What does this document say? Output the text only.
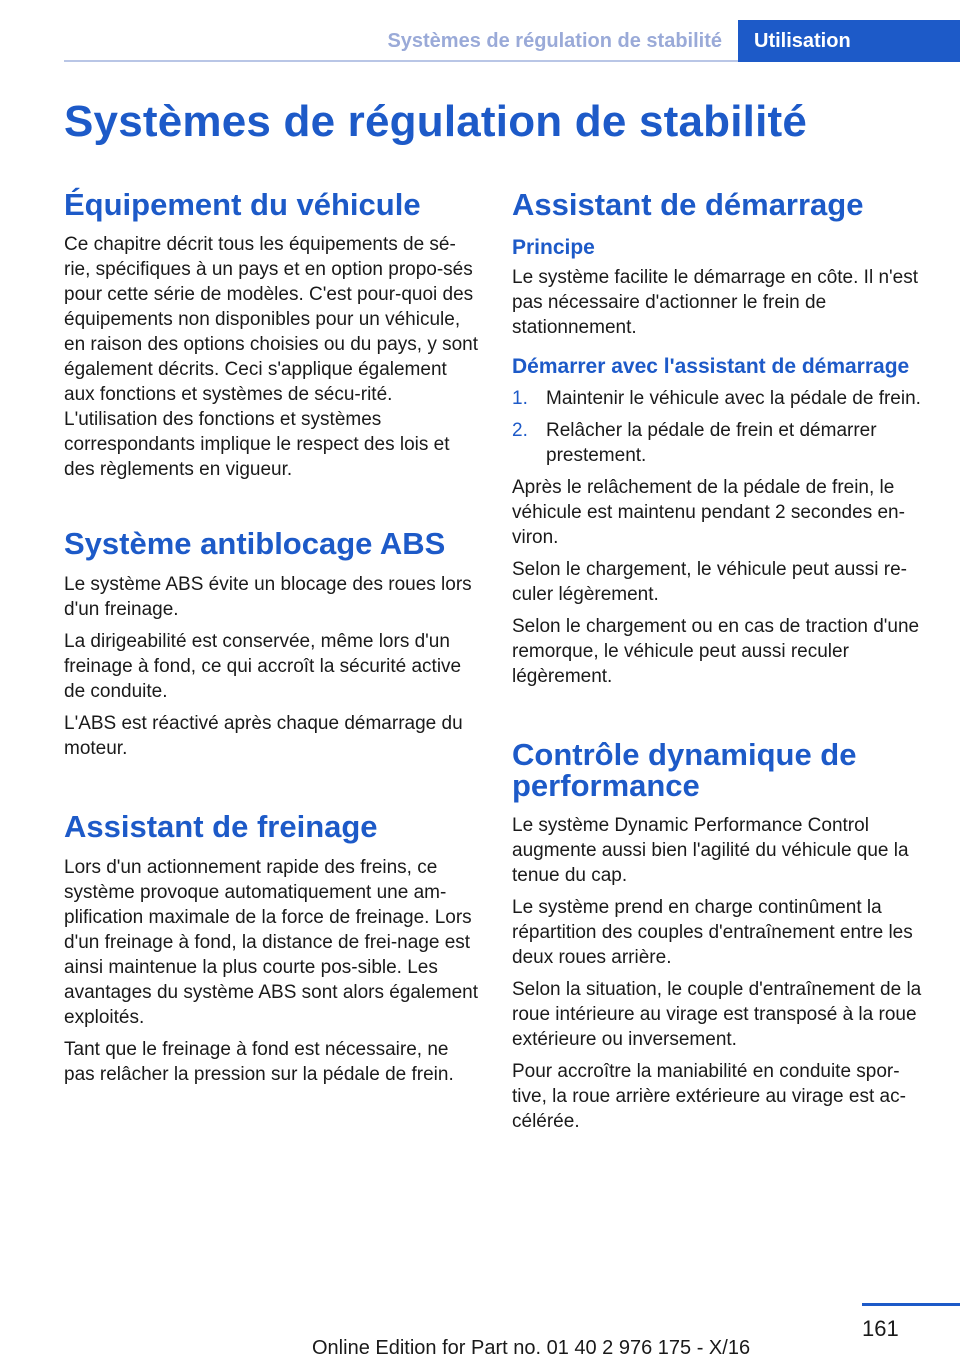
Systèmes de régulation de stabilité Utilisation
Systèmes de régulation de stabilité
Équipement du véhicule

Ce chapitre décrit tous les équipements de sé-rie, spécifiques à un pays et en option propo-sés pour cette série de modèles. C'est pour-quoi des équipements non disponibles pour un véhicule, en raison des options choisies ou du pays, y sont également décrits. Ceci s'applique également aux fonctions et systèmes de sécu-rité. L'utilisation des fonctions et systèmes correspondants implique le respect des lois et des règlements en vigueur.

Système antiblocage ABS

Le système ABS évite un blocage des roues lors d'un freinage.

La dirigeabilité est conservée, même lors d'un freinage à fond, ce qui accroît la sécurité active de conduite.

L'ABS est réactivé après chaque démarrage du moteur.

Assistant de freinage

Lors d'un actionnement rapide des freins, ce système provoque automatiquement une am-plification maximale de la force de freinage. Lors d'un freinage à fond, la distance de frei-nage est ainsi maintenue la plus courte pos-sible. Les avantages du système ABS sont alors également exploités.

Tant que le freinage à fond est nécessaire, ne pas relâcher la pression sur la pédale de frein.

Assistant de démarrage
Principe

Le système facilite le démarrage en côte. Il n'est pas nécessaire d'actionner le frein de stationnement.

Démarrer avec l'assistant de démarrage
1. Maintenir le véhicule avec la pédale de frein.
2. Relâcher la pédale de frein et démarrer prestement.

Après le relâchement de la pédale de frein, le véhicule est maintenu pendant 2 secondes en-viron.

Selon le chargement, le véhicule peut aussi re-culer légèrement.

Selon le chargement ou en cas de traction d'une remorque, le véhicule peut aussi reculer légèrement.

Contrôle dynamique de performance

Le système Dynamic Performance Control augmente aussi bien l'agilité du véhicule que la tenue du cap.

Le système prend en charge continûment la répartition des couples d'entraînement entre les deux roues arrière.

Selon la situation, le couple d'entraînement de la roue intérieure au virage est transposé à la roue extérieure ou inversement.

Pour accroître la maniabilité en conduite spor-tive, la roue arrière extérieure au virage est ac-célérée.

161
Online Edition for Part no. 01 40 2 976 175 - X/16
